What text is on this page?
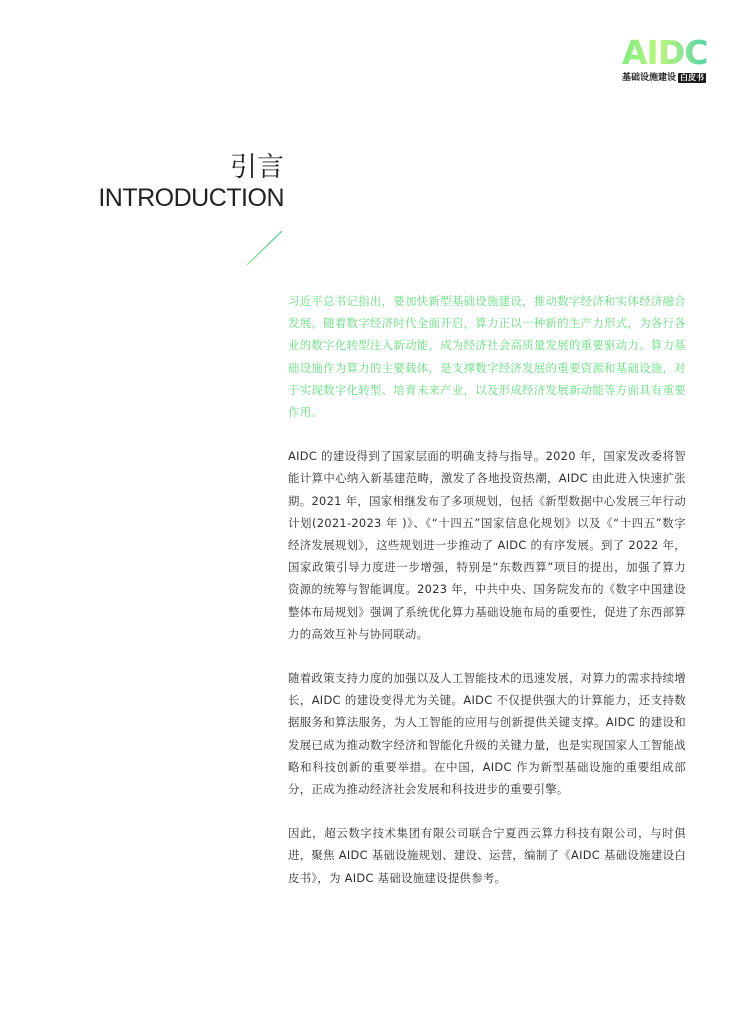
AIDC
基础设施建设 白皮书
引言
INTRODUCTION

习近平总书记指出，要加快新型基础设施建设，推动数字经济和实体经济融合发展。随着数字经济时代全面开启，算力正以一种新的生产力形式，为各行各业的数字化转型注入新动能，成为经济社会高质量发展的重要驱动力。算力基础设施作为算力的主要载体，是支撑数字经济发展的重要资源和基础设施，对于实现数字化转型、培育未来产业，以及形成经济发展新动能等方面具有重要作用。

AIDC 的建设得到了国家层面的明确支持与指导。2020 年，国家发改委将智能计算中心纳入新基建范畴，激发了各地投资热潮，AIDC 由此进入快速扩张期。2021 年，国家相继发布了多项规划，包括《新型数据中心发展三年行动计划(2021-2023 年 )》、《“十四五”国家信息化规划》以及《“十四五”数字经济发展规划》，这些规划进一步推动了 AIDC 的有序发展。到了 2022 年，国家政策引导力度进一步增强，特别是“东数西算”项目的提出，加强了算力资源的统筹与智能调度。2023 年，中共中央、国务院发布的《数字中国建设整体布局规划》强调了系统优化算力基础设施布局的重要性，促进了东西部算力的高效互补与协同联动。

随着政策支持力度的加强以及人工智能技术的迅速发展，对算力的需求持续增长，AIDC 的建设变得尤为关键。AIDC 不仅提供强大的计算能力，还支持数据服务和算法服务，为人工智能的应用与创新提供关键支撑。AIDC 的建设和发展已成为推动数字经济和智能化升级的关键力量，也是实现国家人工智能战略和科技创新的重要举措。在中国，AIDC 作为新型基础设施的重要组成部分，正成为推动经济社会发展和科技进步的重要引擎。

因此，超云数字技术集团有限公司联合宁夏西云算力科技有限公司，与时俱进，聚焦 AIDC 基础设施规划、建设、运营，编制了《AIDC 基础设施建设白皮书》，为 AIDC 基础设施建设提供参考。
